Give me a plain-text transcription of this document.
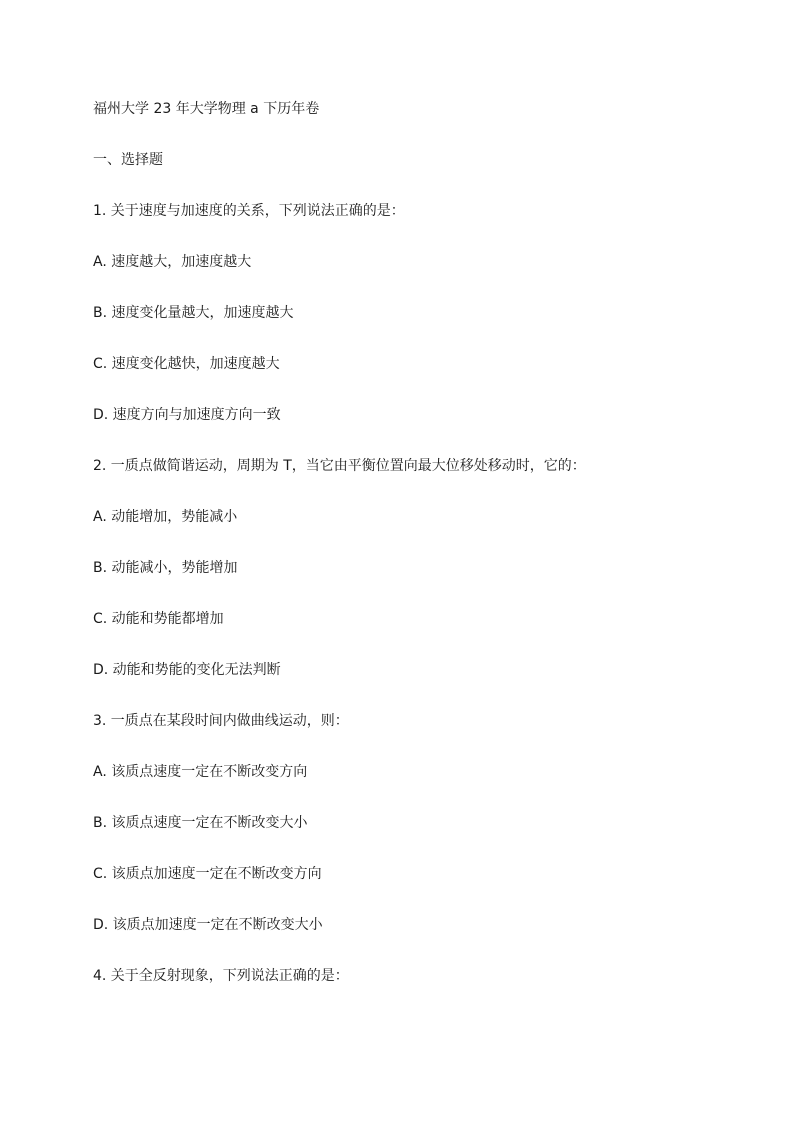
福州大学 23 年大学物理 a 下历年卷
一、选择题
1. 关于速度与加速度的关系，下列说法正确的是：
A. 速度越大，加速度越大
B. 速度变化量越大，加速度越大
C. 速度变化越快，加速度越大
D. 速度方向与加速度方向一致
2. 一质点做简谐运动，周期为 T，当它由平衡位置向最大位移处移动时，它的：
A. 动能增加，势能减小
B. 动能减小，势能增加
C. 动能和势能都增加
D. 动能和势能的变化无法判断
3. 一质点在某段时间内做曲线运动，则：
A. 该质点速度一定在不断改变方向
B. 该质点速度一定在不断改变大小
C. 该质点加速度一定在不断改变方向
D. 该质点加速度一定在不断改变大小
4. 关于全反射现象，下列说法正确的是：
